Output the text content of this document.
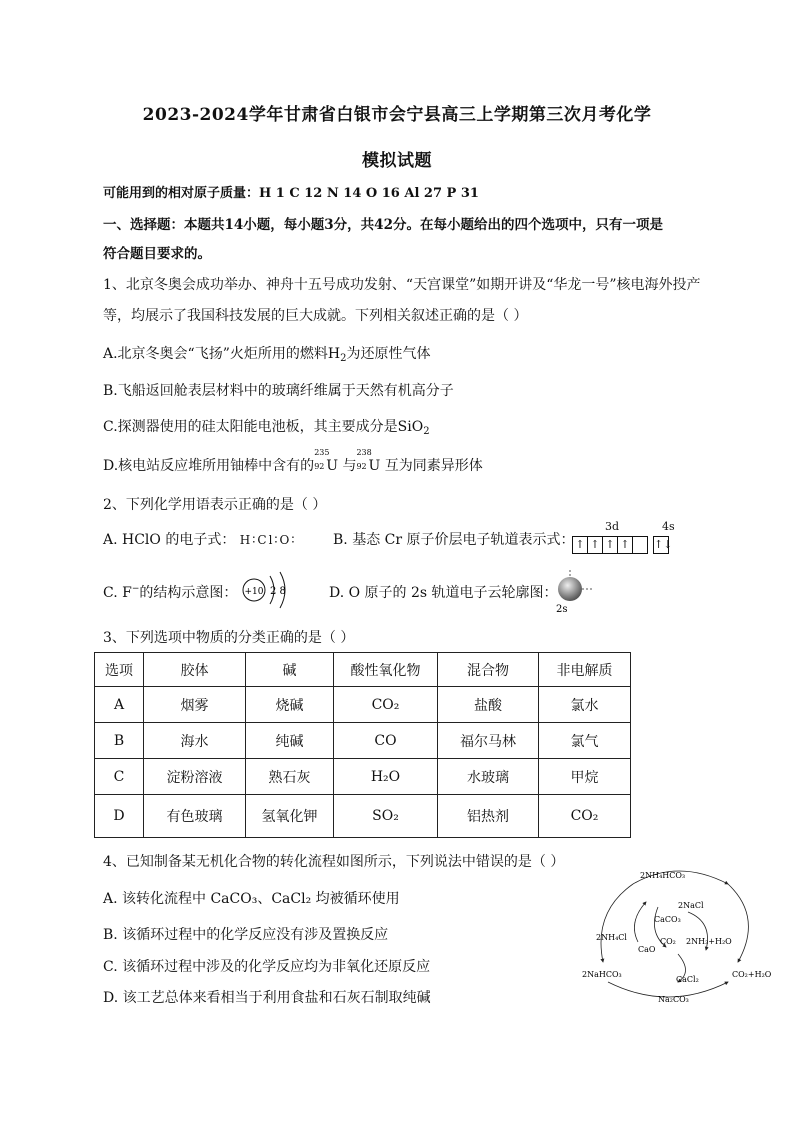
2023-2024学年甘肃省白银市会宁县高三上学期第三次月考化学
模拟试题
可能用到的相对原子质量：H 1 C 12 N 14 O 16 Al 27 P 31
一、选择题：本题共14小题，每小题3分，共42分。在每小题给出的四个选项中，只有一项是
符合题目要求的。
1、北京冬奥会成功举办、神舟十五号成功发射、“天宫课堂”如期开讲及“华龙一号”核电海外投产
等，均展示了我国科技发展的巨大成就。下列相关叙述正确的是（ ）
A.北京冬奥会“飞扬”火炬所用的燃料$H_2$为还原性气体
B.飞船返回舱表层材料中的玻璃纤维属于天然有机高分子
C.探测器使用的硅太阳能电池板，其主要成分是SiO$_2$
D.核电站反应堆所用铀棒中含有的
235
92 U 与
238
92 U 互为同素异形体
2、下列化学用语表示正确的是（ ）
A. HClO 的电子式： H∶Cl∶O∶	B. 基态 Cr 原子价层电子轨道表示式：
3d	4s
↑ ↑ ↑ ↑	↑↓
C. F−的结构示意图： +10 2 8	D. O 原子的 2s 轨道电子云轮廓图：
2s
3、下列选项中物质的分类正确的是（ ）
选项	胶体	碱	酸性氧化物	混合物	非电解质
A	烟雾	烧碱	CO₂	盐酸	氯水
B	海水	纯碱	CO	福尔马林	氯气
C	淀粉溶液	熟石灰	H₂O	水玻璃	甲烷
D	有色玻璃	氢氧化钾	SO₂	铝热剂	CO₂
4、已知制备某无机化合物的转化流程如图所示，下列说法中错误的是（ ）
A. 该转化流程中 CaCO₃、CaCl₂ 均被循环使用
B. 该循环过程中的化学反应没有涉及置换反应
C. 该循环过程中涉及的化学反应均为非氧化还原反应
D. 该工艺总体来看相当于利用食盐和石灰石制取纯碱
2NH₄HCO₃
2NaCl
CaCO₃
2NH₄Cl
CaO
CO₂ 2NH₃+H₂O
2NaHCO₃
CaCl₂
CO₂+H₂O
Na₂CO₃
